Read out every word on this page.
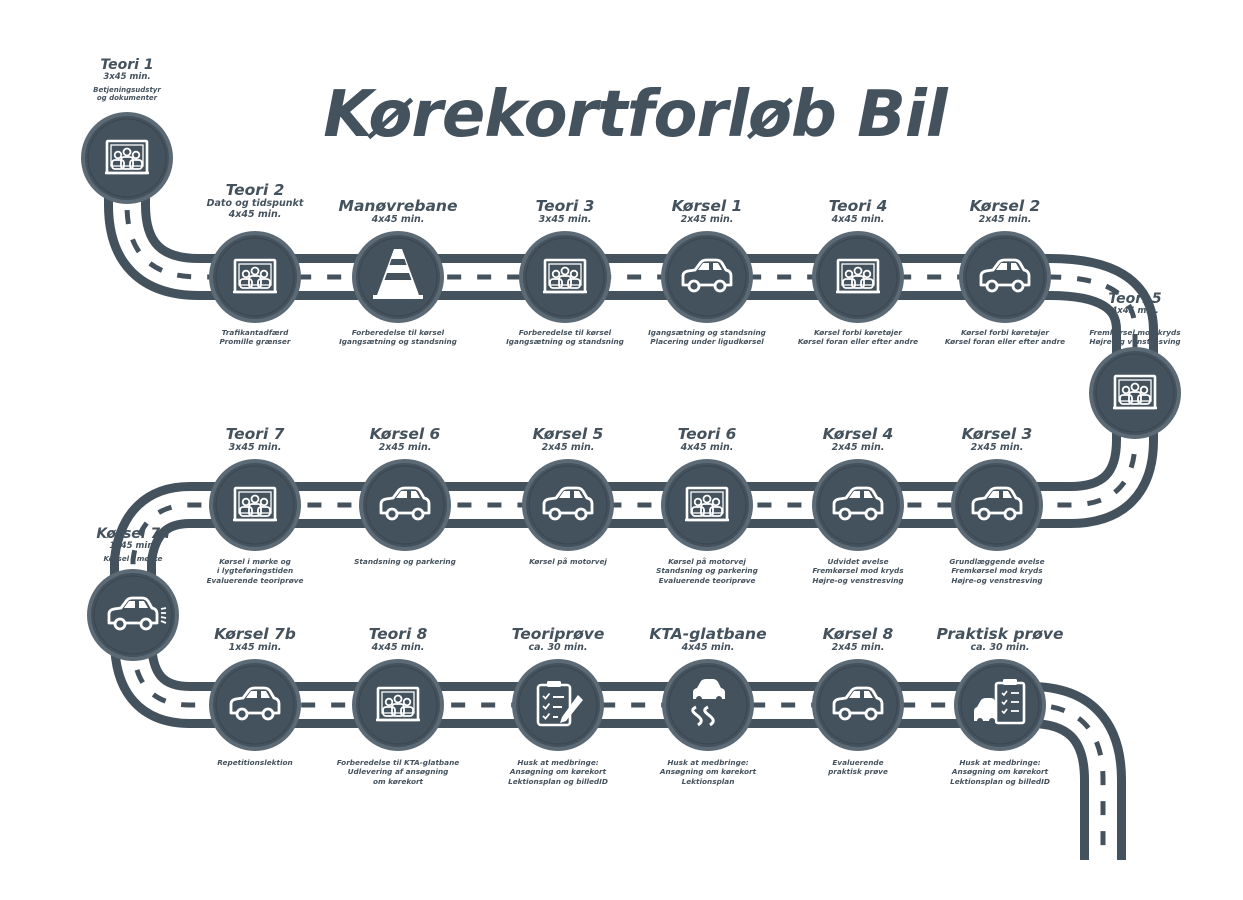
Kørekortforløb Bil
Teori 1
3x45 min.
Betjeningsudstyr
og dokumenter
Teori 2
Dato og tidspunkt
4x45 min.
Trafikantadfærd
Promille grænser
Manøvrebane
4x45 min.
Forberedelse til kørsel
Igangsætning og standsning
Teori 3
3x45 min.
Forberedelse til kørsel
Igangsætning og standsning
Kørsel 1
2x45 min.
Igangsætning og standsning
Placering under ligudkørsel
Teori 4
4x45 min.
Kørsel forbi køretøjer
Kørsel foran eller efter andre
Kørsel 2
2x45 min.
Kørsel forbi køretøjer
Kørsel foran eller efter andre
Teori 5
4x45 min.
Fremkørsel mod kryds
Højre-og venstresving
Kørsel 3
2x45 min.
Grundlæggende øvelse
Fremkørsel mod kryds
Højre-og venstresving
Kørsel 4
2x45 min.
Udvidet øvelse
Fremkørsel mod kryds
Højre-og venstresving
Teori 6
4x45 min.
Kørsel på motorvej
Standsning og parkering
Evaluerende teoriprøve
Kørsel 5
2x45 min.
Kørsel på motorvej
Kørsel 6
2x45 min.
Standsning og parkering
Teori 7
3x45 min.
Kørsel i mørke og
i lygteføringstiden
Evaluerende teoriprøve
Kørsel 7a
1x45 min.
Kørsel i mørke
Kørsel 7b
1x45 min.
Repetitionslektion
Teori 8
4x45 min.
Forberedelse til KTA-glatbane
Udlevering af ansøgning
om kørekort
Teoriprøve
ca. 30 min.
Husk at medbringe:
Ansøgning om kørekort
Lektionsplan og billedID
KTA-glatbane
4x45 min.
Husk at medbringe:
Ansøgning om kørekort
Lektionsplan
Kørsel 8
2x45 min.
Evaluerende
praktisk prøve
Praktisk prøve
ca. 30 min.
Husk at medbringe:
Ansøgning om kørekort
Lektionsplan og billedID
